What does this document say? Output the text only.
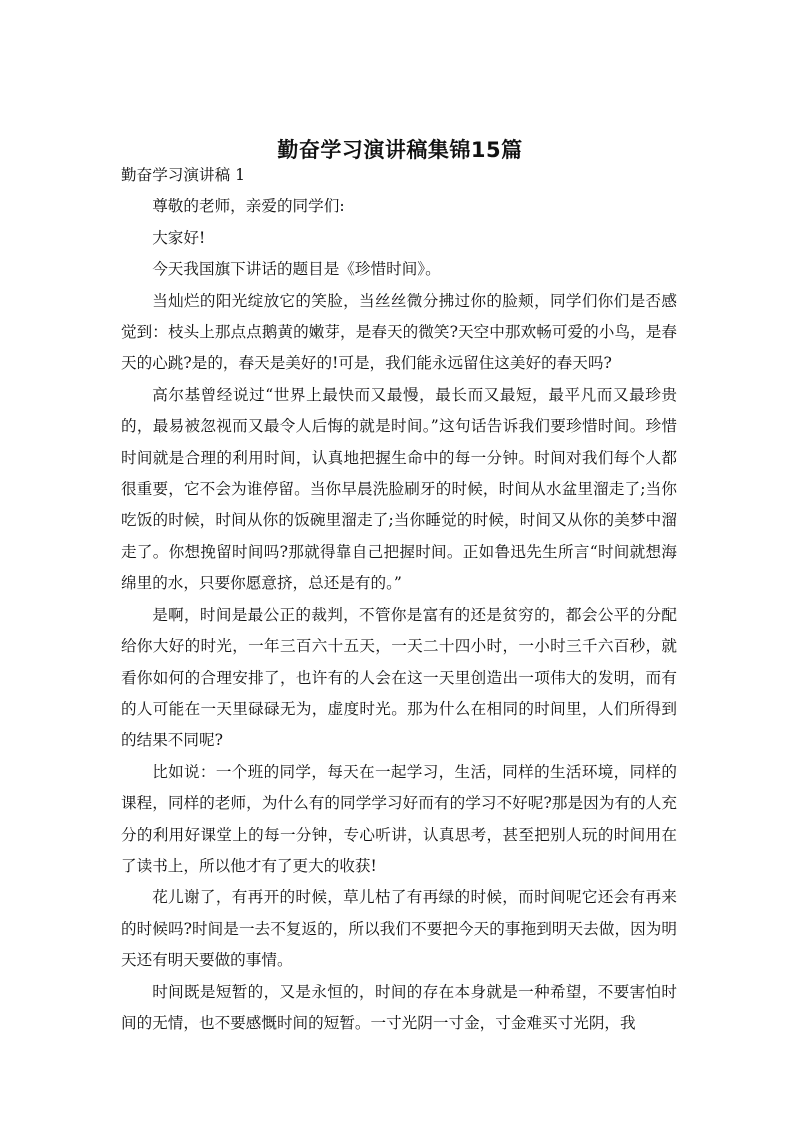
勤奋学习演讲稿集锦15篇

勤奋学习演讲稿 1

尊敬的老师，亲爱的同学们:

大家好!

今天我国旗下讲话的题目是《珍惜时间》。

当灿烂的阳光绽放它的笑脸，当丝丝微分拂过你的脸颊，同学们你们是否感觉到：枝头上那点点鹅黄的嫩芽，是春天的微笑?天空中那欢畅可爱的小鸟，是春天的心跳?是的，春天是美好的!可是，我们能永远留住这美好的春天吗?

高尔基曾经说过“世界上最快而又最慢，最长而又最短，最平凡而又最珍贵的，最易被忽视而又最令人后悔的就是时间。”这句话告诉我们要珍惜时间。珍惜时间就是合理的利用时间，认真地把握生命中的每一分钟。时间对我们每个人都很重要，它不会为谁停留。当你早晨洗脸刷牙的时候，时间从水盆里溜走了;当你吃饭的时候，时间从你的饭碗里溜走了;当你睡觉的时候，时间又从你的美梦中溜走了。你想挽留时间吗?那就得靠自己把握时间。正如鲁迅先生所言“时间就想海绵里的水，只要你愿意挤，总还是有的。”

是啊，时间是最公正的裁判，不管你是富有的还是贫穷的，都会公平的分配给你大好的时光，一年三百六十五天，一天二十四小时，一小时三千六百秒，就看你如何的合理安排了，也许有的人会在这一天里创造出一项伟大的发明，而有的人可能在一天里碌碌无为，虚度时光。那为什么在相同的时间里，人们所得到的结果不同呢?

比如说：一个班的同学，每天在一起学习，生活，同样的生活环境，同样的课程，同样的老师，为什么有的同学学习好而有的学习不好呢?那是因为有的人充分的利用好课堂上的每一分钟，专心听讲，认真思考，甚至把别人玩的时间用在了读书上，所以他才有了更大的收获!

花儿谢了，有再开的时候，草儿枯了有再绿的时候，而时间呢它还会有再来的时候吗?时间是一去不复返的，所以我们不要把今天的事拖到明天去做，因为明天还有明天要做的事情。

时间既是短暂的，又是永恒的，时间的存在本身就是一种希望，不要害怕时间的无情，也不要感慨时间的短暂。一寸光阴一寸金，寸金难买寸光阴，我
